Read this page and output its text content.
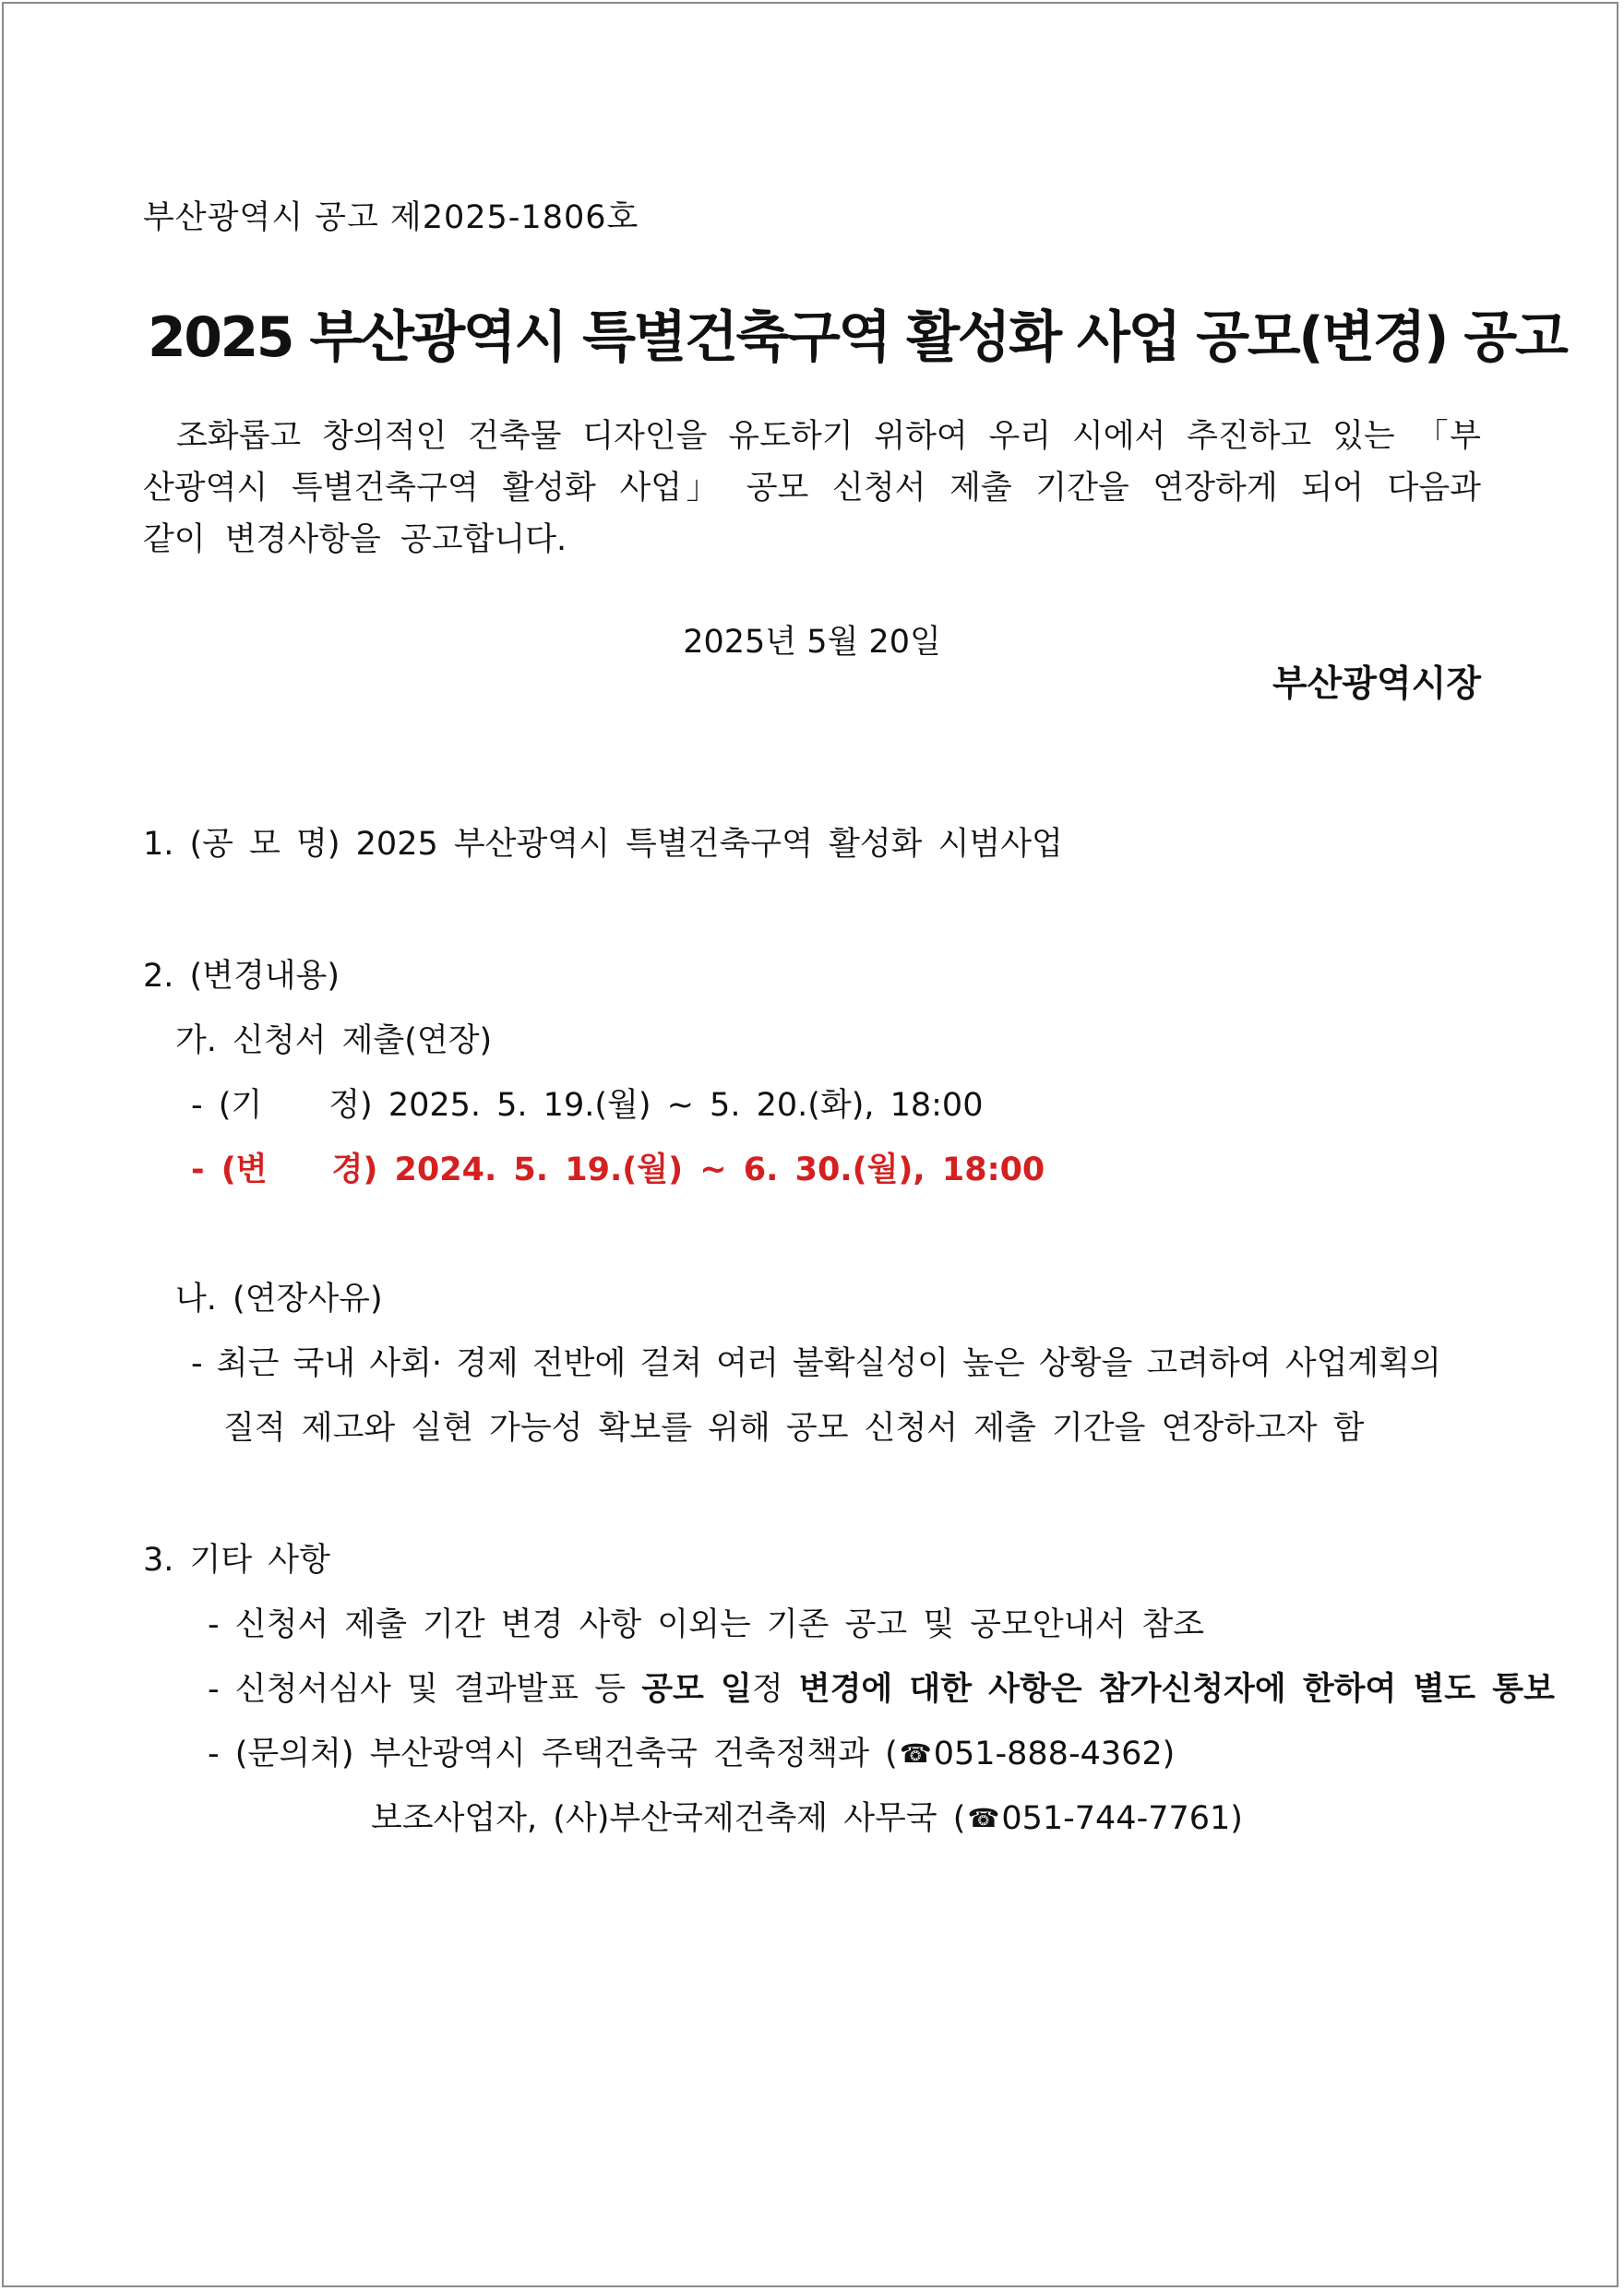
부산광역시 공고 제2025-1806호
2025 부산광역시 특별건축구역 활성화 사업 공모(변경) 공고
조화롭고 창의적인 건축물 디자인을 유도하기 위하여 우리 시에서 추진하고 있는 「부산광역시 특별건축구역 활성화 사업」 공모 신청서 제출 기간을 연장하게 되어 다음과 같이 변경사항을 공고합니다.
2025년 5월 20일
부산광역시장
1. (공 모 명) 2025 부산광역시 특별건축구역 활성화 시범사업
2. (변경내용)
가. 신청서 제출(연장)
- (기 정) 2025. 5. 19.(월) ~ 5. 20.(화), 18:00
- (변 경) 2024. 5. 19.(월) ~ 6. 30.(월), 18:00
나. (연장사유)
- 최근 국내 사회· 경제 전반에 걸쳐 여러 불확실성이 높은 상황을 고려하여 사업계획의
질적 제고와 실현 가능성 확보를 위해 공모 신청서 제출 기간을 연장하고자 함
3. 기타 사항
- 신청서 제출 기간 변경 사항 이외는 기존 공고 및 공모안내서 참조
- 신청서심사 및 결과발표 등 공모 일정 변경에 대한 사항은 참가신청자에 한하여 별도 통보
- (문의처) 부산광역시 주택건축국 건축정책과 (☎051-888-4362)
보조사업자, (사)부산국제건축제 사무국 (☎051-744-7761)
